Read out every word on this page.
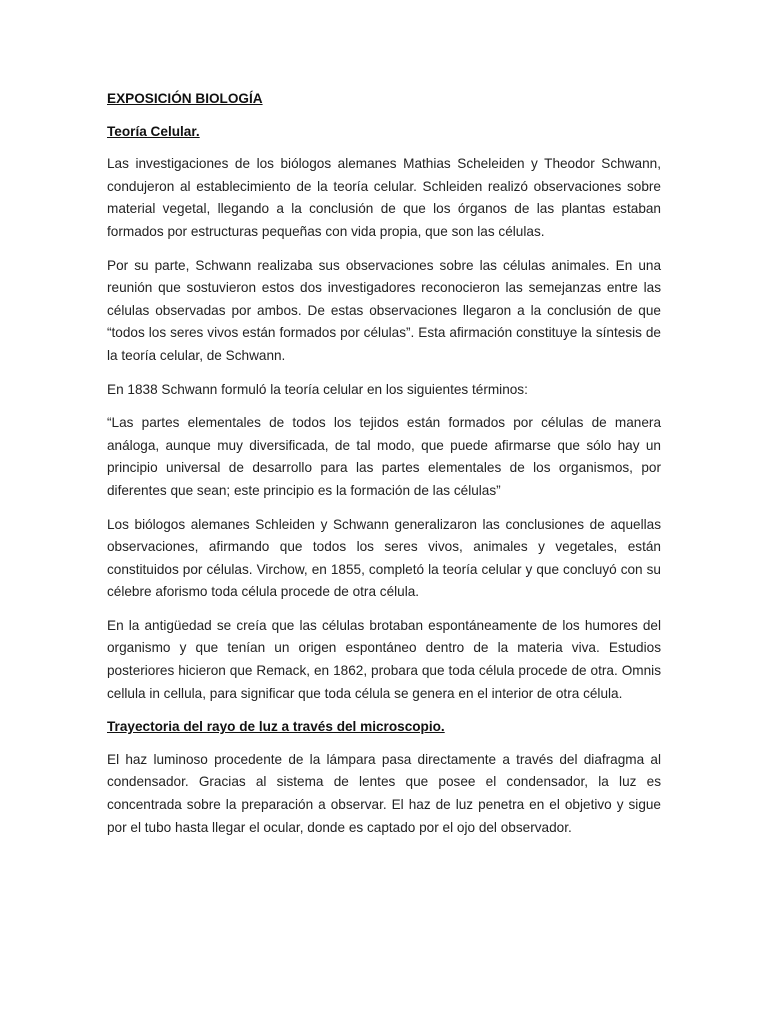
EXPOSICIÓN BIOLOGÍA

Teoría Celular.

Las investigaciones de los biólogos alemanes Mathias Scheleiden y Theodor Schwann, condujeron al establecimiento de la teoría celular. Schleiden realizó observaciones sobre material vegetal, llegando a la conclusión de que los órganos de las plantas estaban formados por estructuras pequeñas con vida propia, que son las células.

Por su parte, Schwann realizaba sus observaciones sobre las células animales. En una reunión que sostuvieron estos dos investigadores reconocieron las semejanzas entre las células observadas por ambos. De estas observaciones llegaron a la conclusión de que “todos los seres vivos están formados por células”. Esta afirmación constituye la síntesis de la teoría celular, de Schwann.

En 1838 Schwann formuló la teoría celular en los siguientes términos:

“Las partes elementales de todos los tejidos están formados por células de manera análoga, aunque muy diversificada, de tal modo, que puede afirmarse que sólo hay un principio universal de desarrollo para las partes elementales de los organismos, por diferentes que sean; este principio es la formación de las células”

Los biólogos alemanes Schleiden y Schwann generalizaron las conclusiones de aquellas observaciones, afirmando que todos los seres vivos, animales y vegetales, están constituidos por células. Virchow, en 1855, completó la teoría celular y que concluyó con su célebre aforismo toda célula procede de otra célula.

En la antigüedad se creía que las células brotaban espontáneamente de los humores del organismo y que tenían un origen espontáneo dentro de la materia viva. Estudios posteriores hicieron que Remack, en 1862, probara que toda célula procede de otra. Omnis cellula in cellula, para significar que toda célula se genera en el interior de otra célula.

Trayectoria del rayo de luz a través del microscopio.

El haz luminoso procedente de la lámpara pasa directamente a través del diafragma al condensador. Gracias al sistema de lentes que posee el condensador, la luz es concentrada sobre la preparación a observar. El haz de luz penetra en el objetivo y sigue por el tubo hasta llegar el ocular, donde es captado por el ojo del observador.
